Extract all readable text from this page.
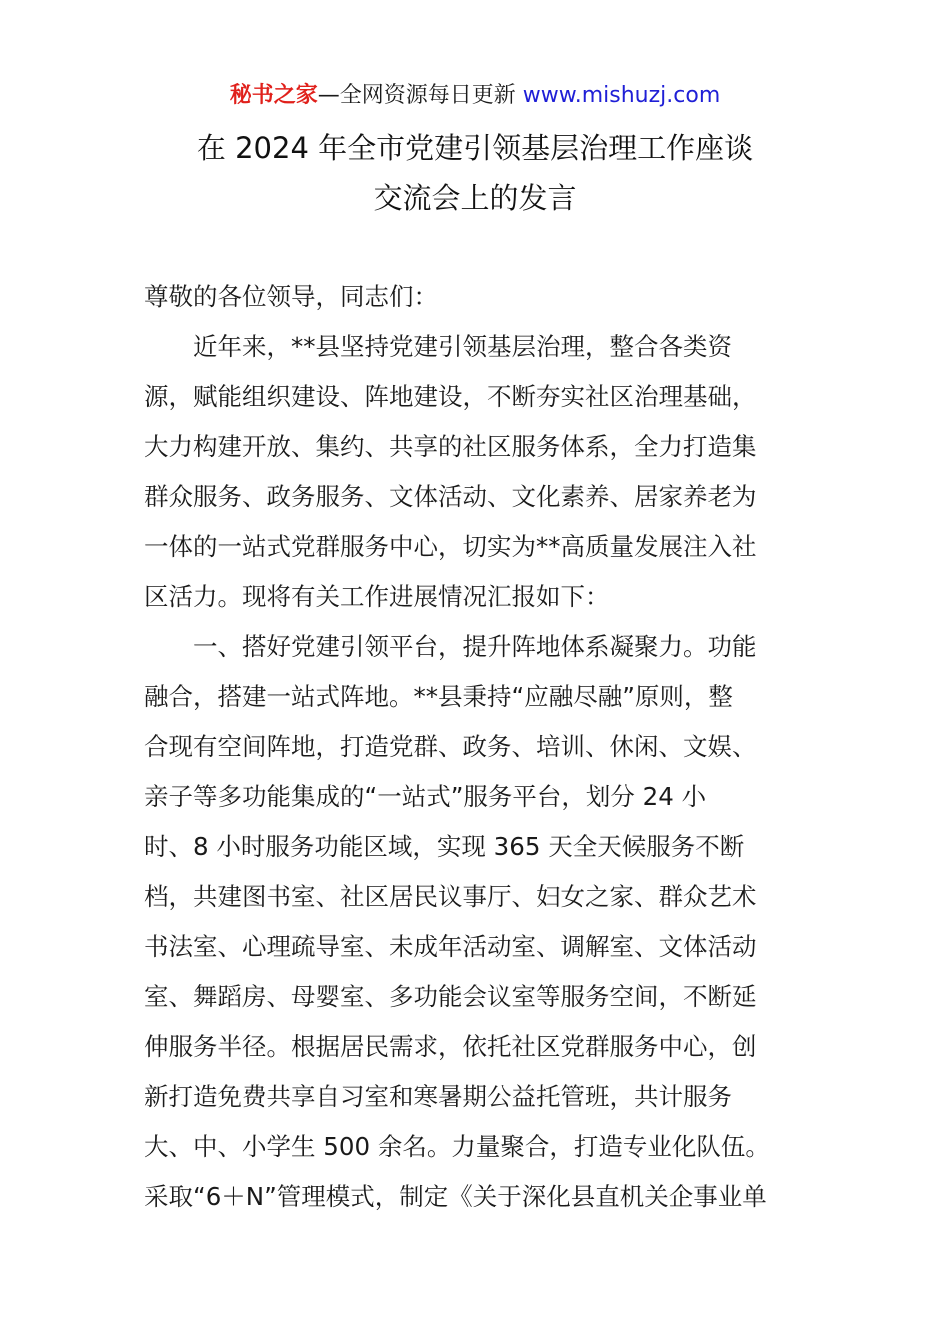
秘书之家—全网资源每日更新 www.mishuzj.com
在 2024 年全市党建引领基层治理工作座谈
交流会上的发言
尊敬的各位领导，同志们：
　　近年来，**县坚持党建引领基层治理，整合各类资
源，赋能组织建设、阵地建设，不断夯实社区治理基础，
大力构建开放、集约、共享的社区服务体系，全力打造集
群众服务、政务服务、文体活动、文化素养、居家养老为
一体的一站式党群服务中心，切实为**高质量发展注入社
区活力。现将有关工作进展情况汇报如下：
　　一、搭好党建引领平台，提升阵地体系凝聚力。功能
融合，搭建一站式阵地。**县秉持“应融尽融”原则，整
合现有空间阵地，打造党群、政务、培训、休闲、文娱、
亲子等多功能集成的“一站式”服务平台，划分 24 小
时、8 小时服务功能区域，实现 365 天全天候服务不断
档，共建图书室、社区居民议事厅、妇女之家、群众艺术
书法室、心理疏导室、未成年活动室、调解室、文体活动
室、舞蹈房、母婴室、多功能会议室等服务空间，不断延
伸服务半径。根据居民需求，依托社区党群服务中心，创
新打造免费共享自习室和寒暑期公益托管班，共计服务
大、中、小学生 500 余名。力量聚合，打造专业化队伍。
采取“6＋N”管理模式，制定《关于深化县直机关企事业单
